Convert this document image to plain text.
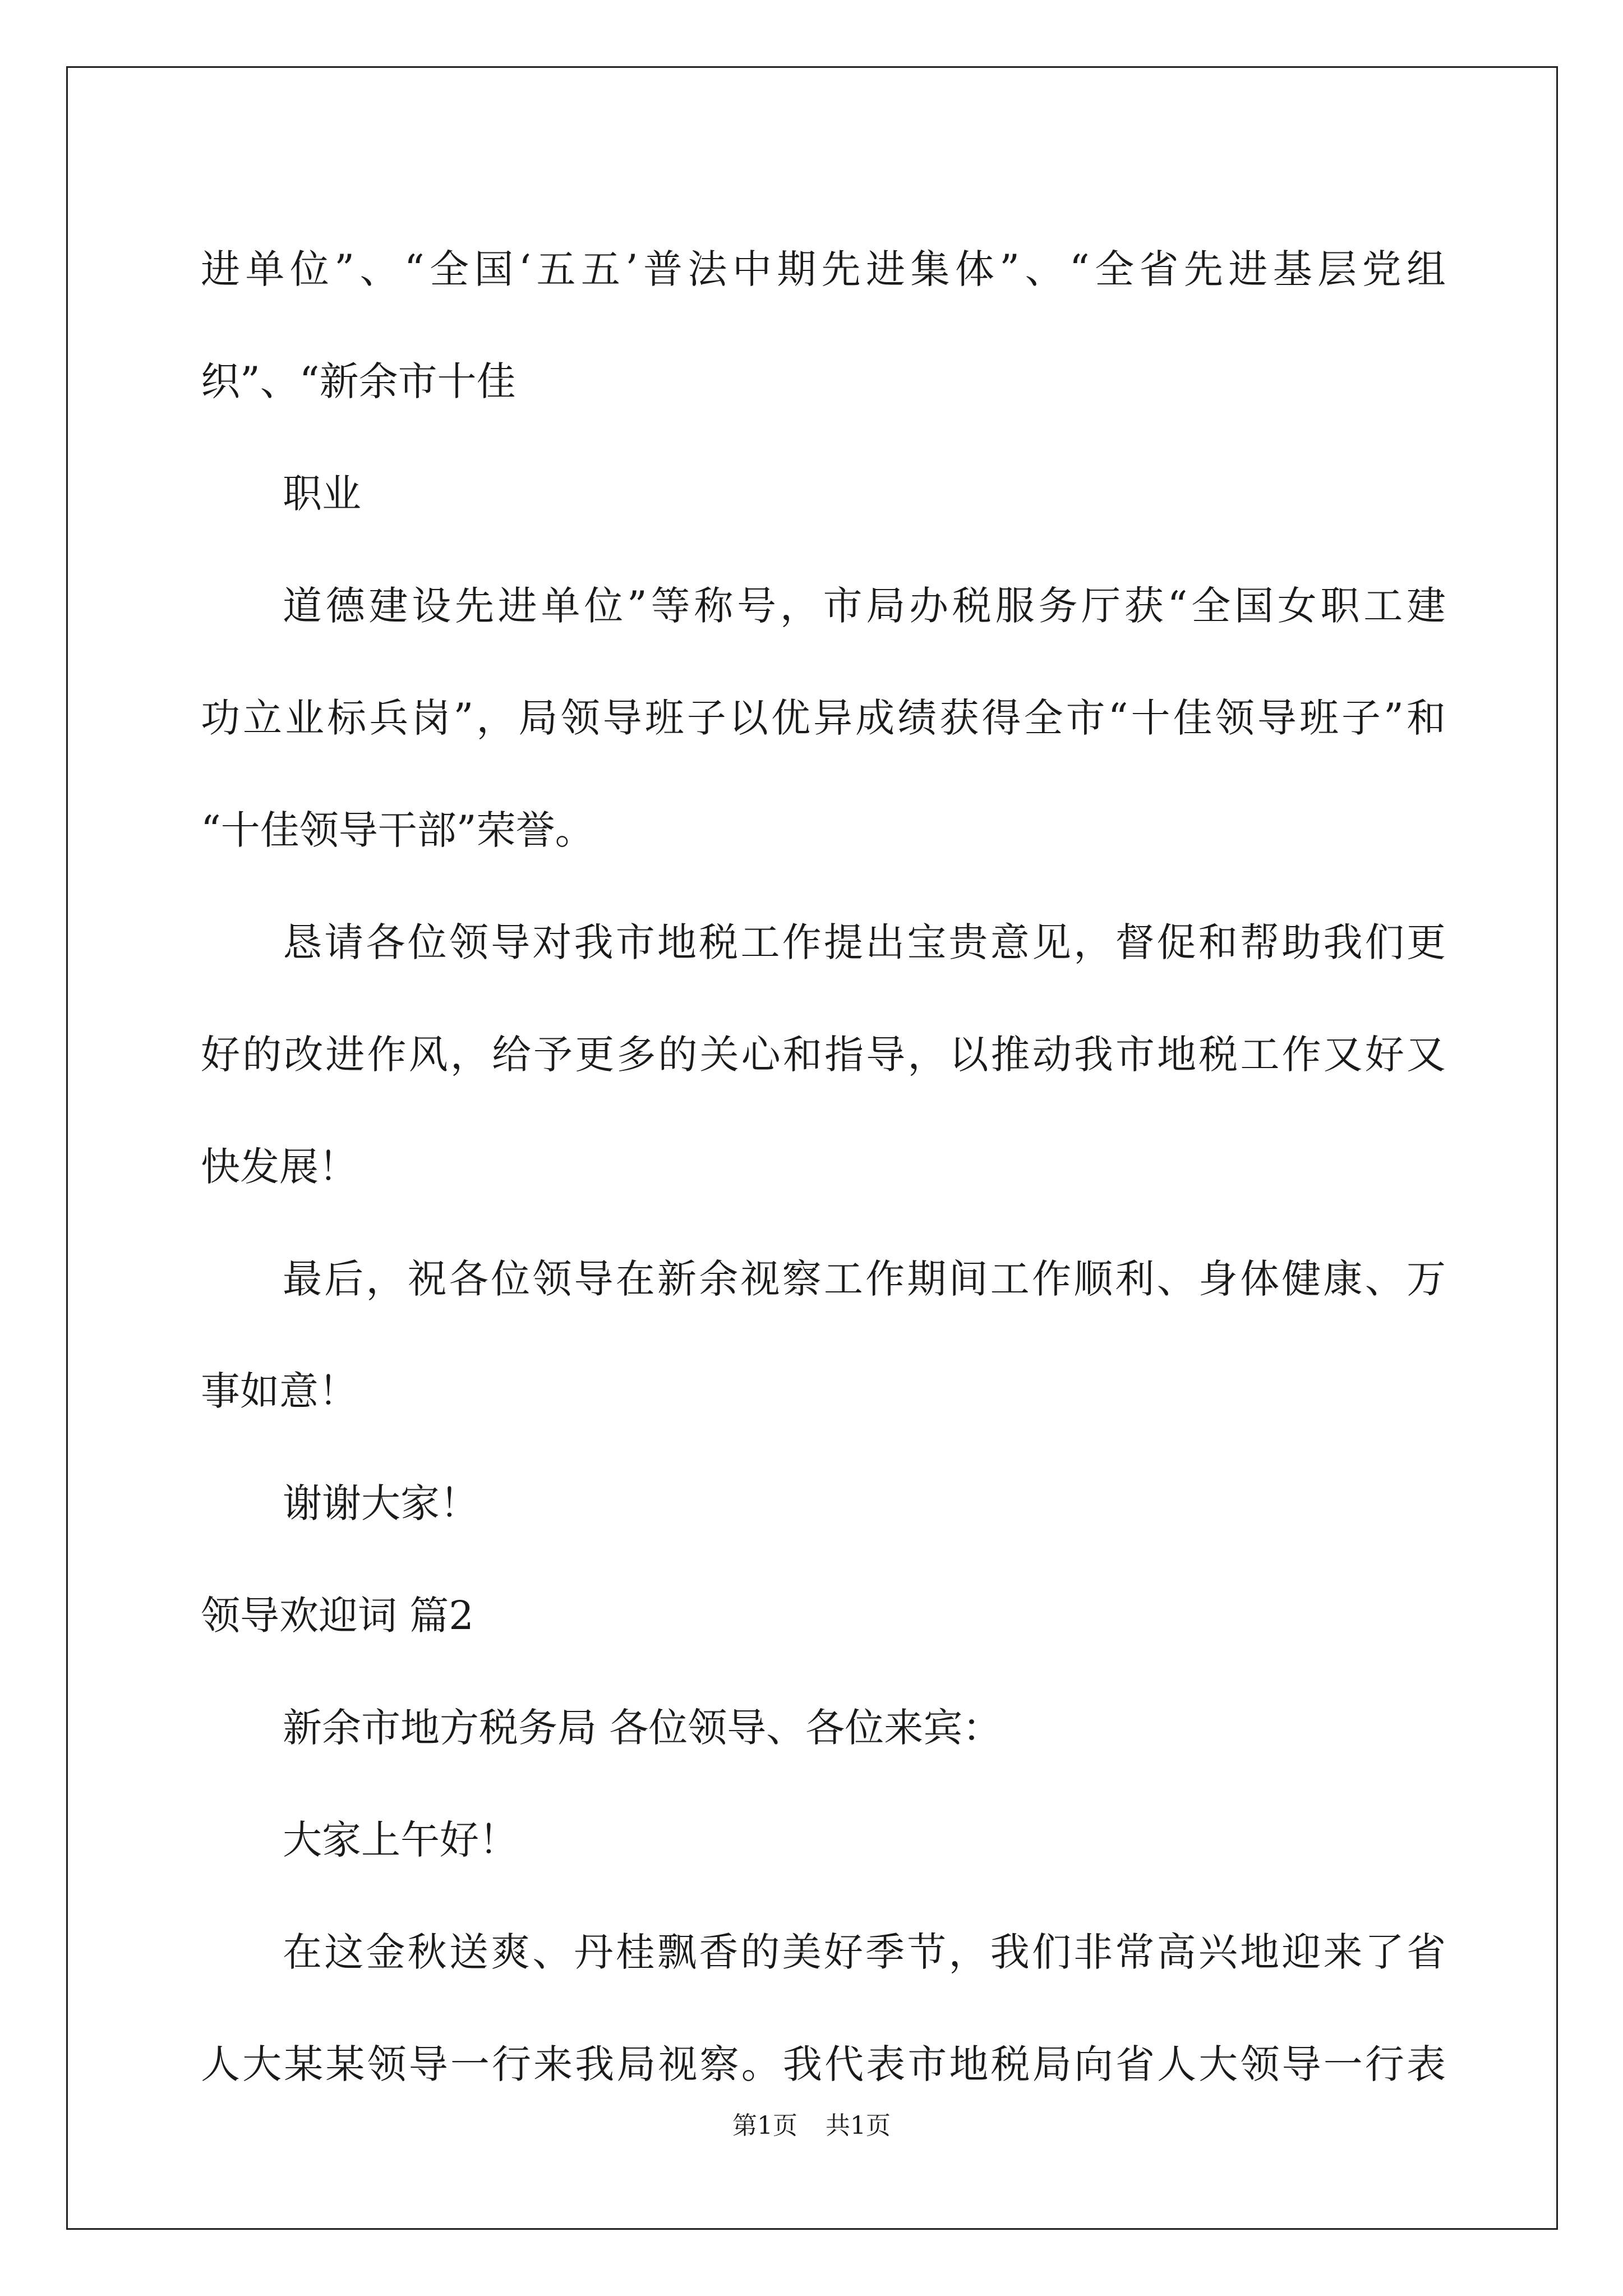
进单位”、“全国‘五五’普法中期先进集体”、“全省先进基层党组
织”、“新余市十佳
职业
道德建设先进单位”等称号，市局办税服务厅获“全国女职工建
功立业标兵岗”，局领导班子以优异成绩获得全市“十佳领导班子”和
“十佳领导干部”荣誉。
恳请各位领导对我市地税工作提出宝贵意见，督促和帮助我们更
好的改进作风，给予更多的关心和指导，以推动我市地税工作又好又
快发展！
最后，祝各位领导在新余视察工作期间工作顺利、身体健康、万
事如意！
谢谢大家！
领导欢迎词 篇2
新余市地方税务局 各位领导、各位来宾：
大家上午好！
在这金秋送爽、丹桂飘香的美好季节，我们非常高兴地迎来了省
人大某某领导一行来我局视察。我代表市地税局向省人大领导一行表
第1页 共1页
